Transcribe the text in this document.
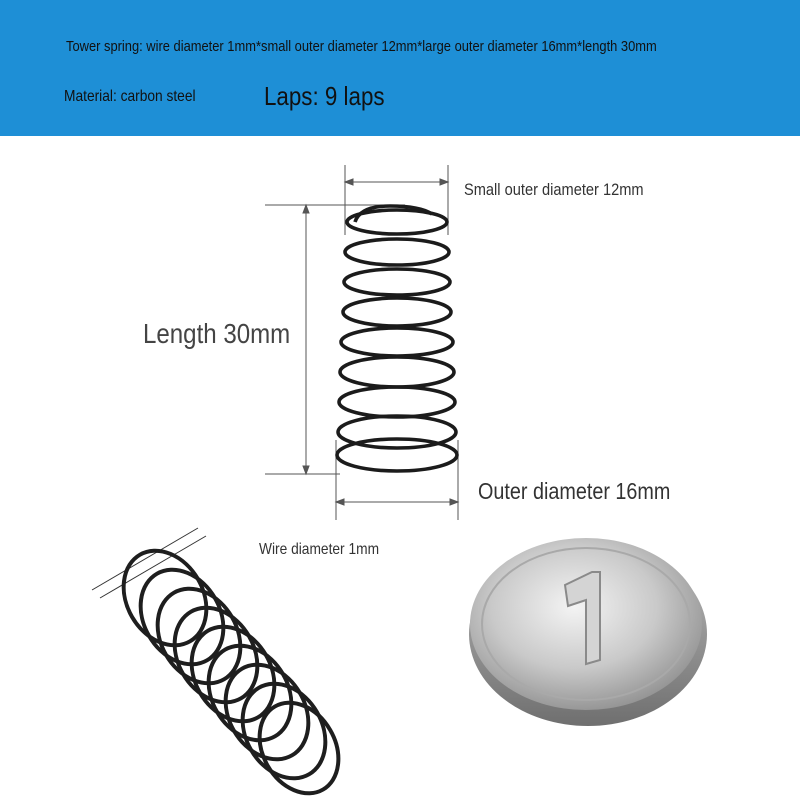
Tower spring: wire diameter 1mm*small outer diameter 12mm*large outer diameter 16mm*length 30mm
Material: carbon steel	Laps: 9 laps
Small outer diameter 12mm
Length 30mm
Outer diameter 16mm
Wire diameter 1mm
